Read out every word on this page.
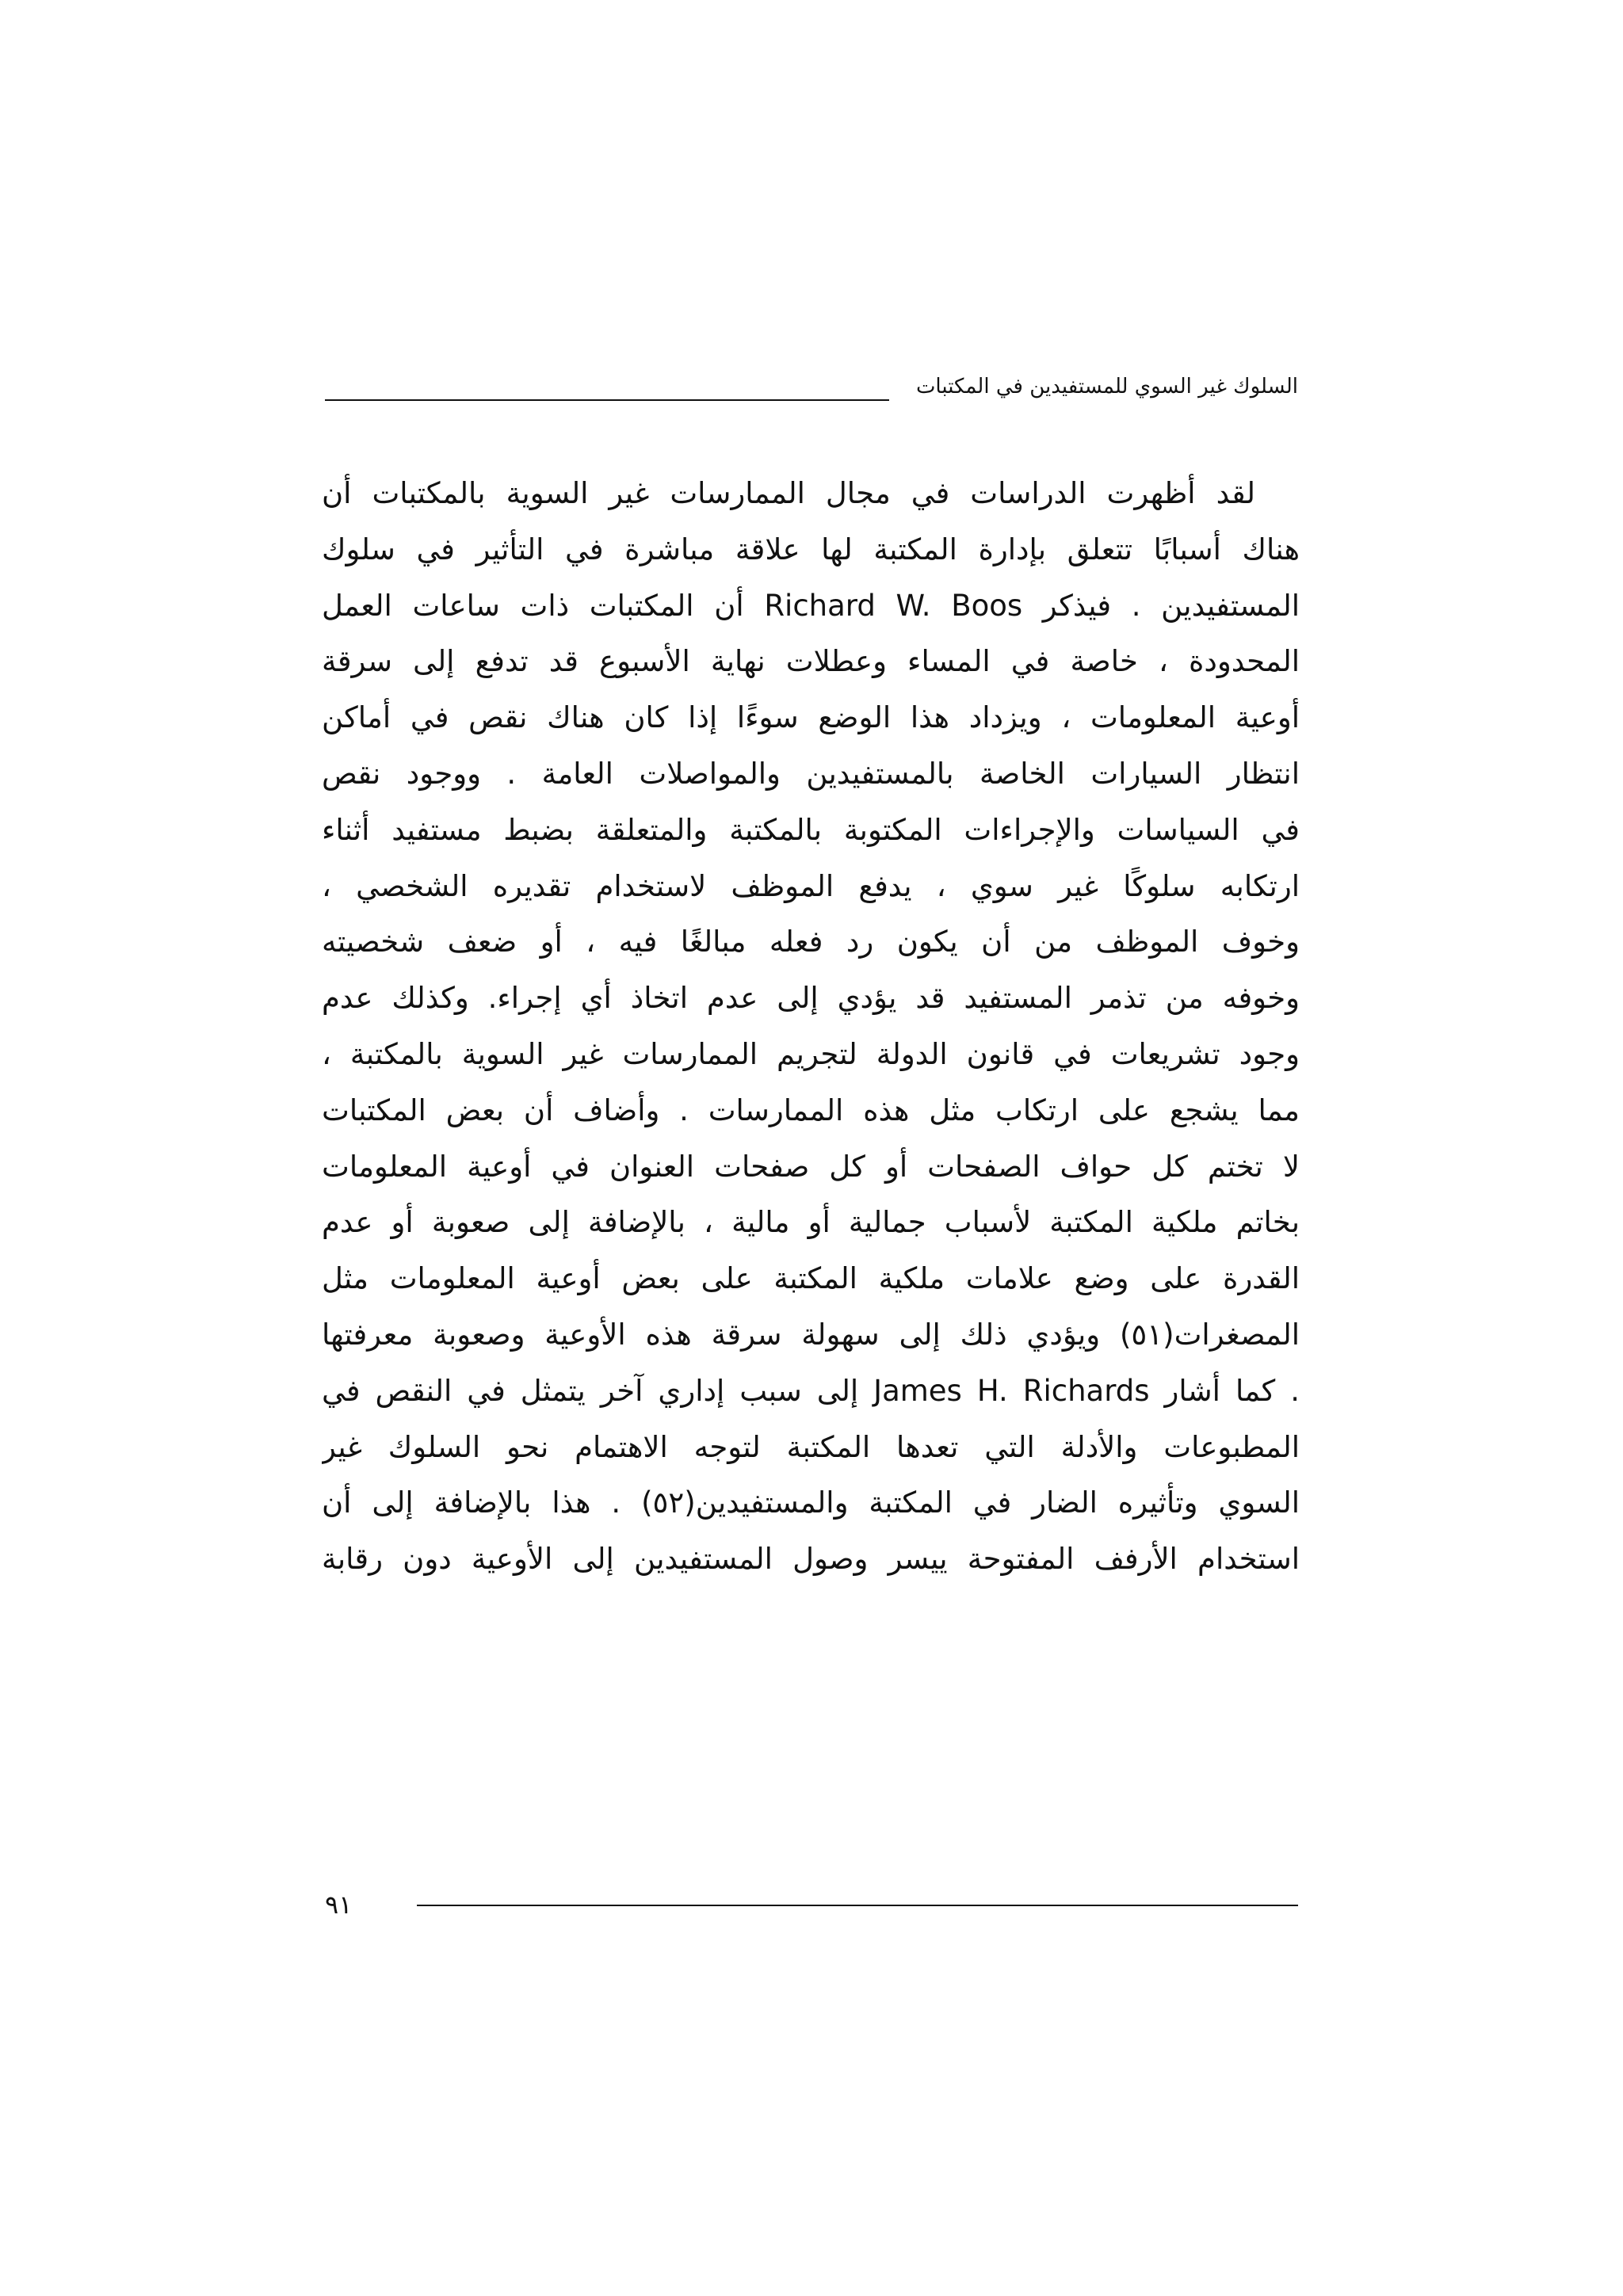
السلوك غير السوي للمستفيدين في المكتبات
لقد أظهرت الدراسات في مجال الممارسات غير السوية بالمكتبات أن
هناك أسبابًا تتعلق بإدارة المكتبة لها علاقة مباشرة في التأثير في سلوك
المستفيدين . فيذكر Richard W. Boos أن المكتبات ذات ساعات العمل
المحدودة ، خاصة في المساء وعطلات نهاية الأسبوع قد تدفع إلى سرقة
أوعية المعلومات ، ويزداد هذا الوضع سوءًا إذا كان هناك نقص في أماكن
انتظار السيارات الخاصة بالمستفيدين والمواصلات العامة . ووجود نقص
في السياسات والإجراءات المكتوبة بالمكتبة والمتعلقة بضبط مستفيد أثناء
ارتكابه سلوكًا غير سوي ، يدفع الموظف لاستخدام تقديره الشخصي ،
وخوف الموظف من أن يكون رد فعله مبالغًا فيه ، أو ضعف شخصيته
وخوفه من تذمر المستفيد قد يؤدي إلى عدم اتخاذ أي إجراء. وكذلك عدم
وجود تشريعات في قانون الدولة لتجريم الممارسات غير السوية بالمكتبة ،
مما يشجع على ارتكاب مثل هذه الممارسات . وأضاف أن بعض المكتبات
لا تختم كل حواف الصفحات أو كل صفحات العنوان في أوعية المعلومات
بخاتم ملكية المكتبة لأسباب جمالية أو مالية ، بالإضافة إلى صعوبة أو عدم
القدرة على وضع علامات ملكية المكتبة على بعض أوعية المعلومات مثل
المصغرات(٥١) ويؤدي ذلك إلى سهولة سرقة هذه الأوعية وصعوبة معرفتها
. كما أشار James H. Richards إلى سبب إداري آخر يتمثل في النقص في
المطبوعات والأدلة التي تعدها المكتبة لتوجه الاهتمام نحو السلوك غير
السوي وتأثيره الضار في المكتبة والمستفيدين(٥٢) . هذا بالإضافة إلى أن
استخدام الأرفف المفتوحة ييسر وصول المستفيدين إلى الأوعية دون رقابة
٩١
